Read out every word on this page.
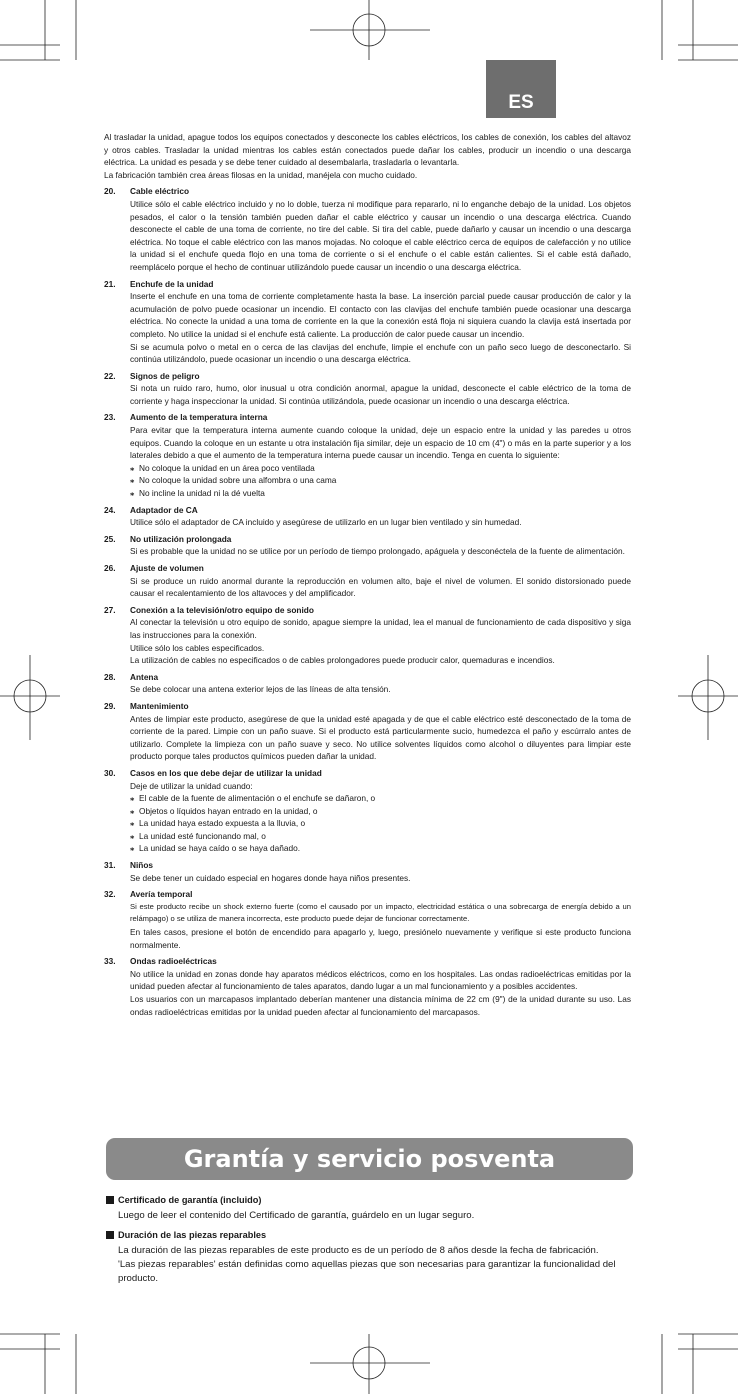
ES

Al trasladar la unidad, apague todos los equipos conectados y desconecte los cables eléctricos, los cables de conexión, los cables del altavoz y otros cables. Trasladar la unidad mientras los cables están conectados puede dañar los cables, producir un incendio o una descarga eléctrica. La unidad es pesada y se debe tener cuidado al desembalarla, trasladarla o levantarla.

La fabricación también crea áreas filosas en la unidad, manéjela con mucho cuidado.

20.	Cable eléctrico

Utilice sólo el cable eléctrico incluido y no lo doble, tuerza ni modifique para repararlo, ni lo enganche debajo de la unidad. Los objetos pesados, el calor o la tensión también pueden dañar el cable eléctrico y causar un incendio o una descarga eléctrica. Cuando desconecte el cable de una toma de corriente, no tire del cable. Si tira del cable, puede dañarlo y causar un incendio o una descarga eléctrica. No toque el cable eléctrico con las manos mojadas. No coloque el cable eléctrico cerca de equipos de calefacción y no utilice la unidad si el enchufe queda flojo en una toma de corriente o si el enchufe o el cable están calientes. Si el cable está dañado, reemplácelo porque el hecho de continuar utilizándolo puede causar un incendio o una descarga eléctrica.

21.	Enchufe de la unidad

Inserte el enchufe en una toma de corriente completamente hasta la base. La inserción parcial puede causar producción de calor y la acumulación de polvo puede ocasionar un incendio. El contacto con las clavijas del enchufe también puede ocasionar una descarga eléctrica. No conecte la unidad a una toma de corriente en la que la conexión está floja ni siquiera cuando la clavija está insertada por completo. No utilice la unidad si el enchufe está caliente. La producción de calor puede causar un incendio.

Si se acumula polvo o metal en o cerca de las clavijas del enchufe, limpie el enchufe con un paño seco luego de desconectarlo. Si continúa utilizándolo, puede ocasionar un incendio o una descarga eléctrica.

22.	Signos de peligro

Si nota un ruido raro, humo, olor inusual u otra condición anormal, apague la unidad, desconecte el cable eléctrico de la toma de corriente y haga inspeccionar la unidad. Si continúa utilizándola, puede ocasionar un incendio o una descarga eléctrica.

23.	Aumento de la temperatura interna

Para evitar que la temperatura interna aumente cuando coloque la unidad, deje un espacio entre la unidad y las paredes u otros equipos. Cuando la coloque en un estante u otra instalación fija similar, deje un espacio de 10 cm (4") o más en la parte superior y a los laterales debido a que el aumento de la temperatura interna puede causar un incendio. Tenga en cuenta lo siguiente:

⁎ No coloque la unidad en un área poco ventilada
⁎ No coloque la unidad sobre una alfombra o una cama
⁎ No incline la unidad ni la dé vuelta
24.	Adaptador de CA

Utilice sólo el adaptador de CA incluido y asegúrese de utilizarlo en un lugar bien ventilado y sin humedad.

25.	No utilización prolongada

Si es probable que la unidad no se utilice por un período de tiempo prolongado, apáguela y desconéctela de la fuente de alimentación.

26.	Ajuste de volumen

Si se produce un ruido anormal durante la reproducción en volumen alto, baje el nivel de volumen. El sonido distorsionado puede causar el recalentamiento de los altavoces y del amplificador.

27.	Conexión a la televisión/otro equipo de sonido

Al conectar la televisión u otro equipo de sonido, apague siempre la unidad, lea el manual de funcionamiento de cada dispositivo y siga las instrucciones para la conexión.

Utilice sólo los cables especificados.

La utilización de cables no especificados o de cables prolongadores puede producir calor, quemaduras e incendios.

28.	Antena

Se debe colocar una antena exterior lejos de las líneas de alta tensión.

29.	Mantenimiento

Antes de limpiar este producto, asegúrese de que la unidad esté apagada y de que el cable eléctrico esté desconectado de la toma de corriente de la pared. Limpie con un paño suave. Si el producto está particularmente sucio, humedezca el paño y escúrralo antes de utilizarlo. Complete la limpieza con un paño suave y seco. No utilice solventes líquidos como alcohol o diluyentes para limpiar este producto porque tales productos químicos pueden dañar la unidad.

30.	Casos en los que debe dejar de utilizar la unidad

Deje de utilizar la unidad cuando:

⁎ El cable de la fuente de alimentación o el enchufe se dañaron, o
⁎ Objetos o líquidos hayan entrado en la unidad, o
⁎ La unidad haya estado expuesta a la lluvia, o
⁎ La unidad esté funcionando mal, o
⁎ La unidad se haya caído o se haya dañado.
31.	Niños

Se debe tener un cuidado especial en hogares donde haya niños presentes.

32.	Avería temporal

Si este producto recibe un shock externo fuerte (como el causado por un impacto, electricidad estática o una sobrecarga de energía debido a un relámpago) o se utiliza de manera incorrecta, este producto puede dejar de funcionar correctamente.

En tales casos, presione el botón de encendido para apagarlo y, luego, presiónelo nuevamente y verifique si este producto funciona normalmente.

33.	Ondas radioeléctricas

No utilice la unidad en zonas donde hay aparatos médicos eléctricos, como en los hospitales. Las ondas radioeléctricas emitidas por la unidad pueden afectar al funcionamiento de tales aparatos, dando lugar a un mal funcionamiento y a posibles accidentes.

Los usuarios con un marcapasos implantado deberían mantener una distancia mínima de 22 cm (9") de la unidad durante su uso. Las ondas radioeléctricas emitidas por la unidad pueden afectar al funcionamiento del marcapasos.

Grantía y servicio posventa
Certificado de garantía (incluido)

Luego de leer el contenido del Certificado de garantía, guárdelo en un lugar seguro.

Duración de las piezas reparables

La duración de las piezas reparables de este producto es de un período de 8 años desde la fecha de fabricación.

'Las piezas reparables' están definidas como aquellas piezas que son necesarias para garantizar la funcionalidad del producto.
